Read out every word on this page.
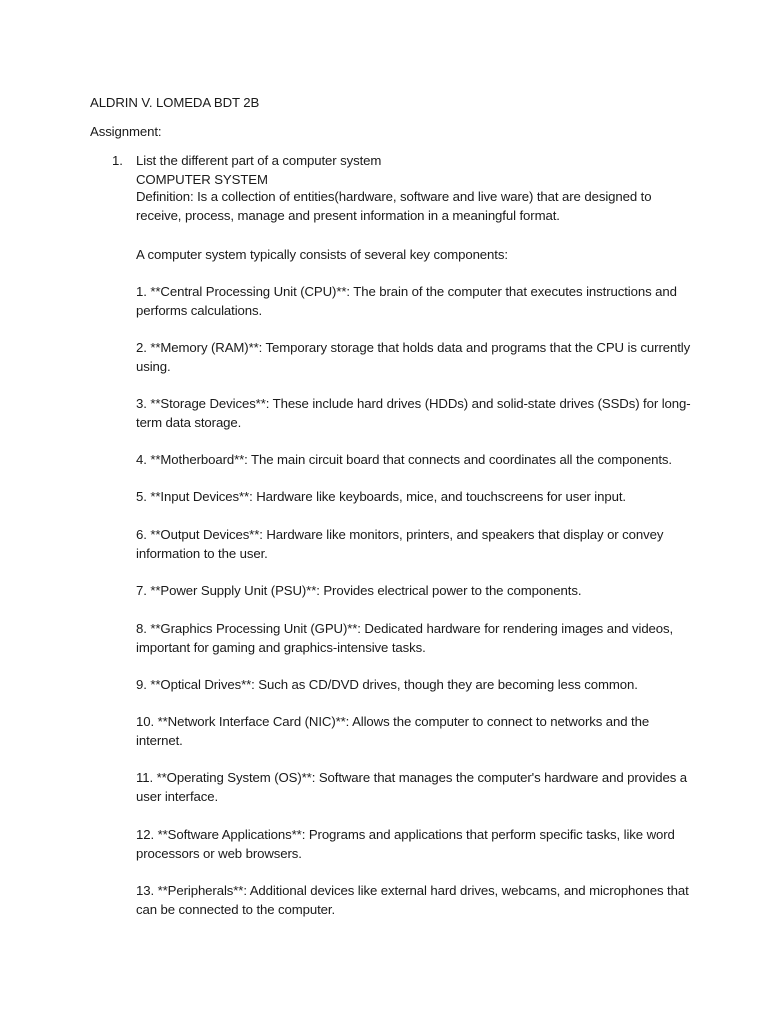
ALDRIN V. LOMEDA BDT 2B
Assignment:
1. List the different part of a computer system
COMPUTER SYSTEM
Definition: Is a collection of entities(hardware, software and live ware) that are designed to receive, process, manage and present information in a meaningful format.
A computer system typically consists of several key components:
1. **Central Processing Unit (CPU)**: The brain of the computer that executes instructions and performs calculations.
2. **Memory (RAM)**: Temporary storage that holds data and programs that the CPU is currently using.
3. **Storage Devices**: These include hard drives (HDDs) and solid-state drives (SSDs) for long-term data storage.
4. **Motherboard**: The main circuit board that connects and coordinates all the components.
5. **Input Devices**: Hardware like keyboards, mice, and touchscreens for user input.
6. **Output Devices**: Hardware like monitors, printers, and speakers that display or convey information to the user.
7. **Power Supply Unit (PSU)**: Provides electrical power to the components.
8. **Graphics Processing Unit (GPU)**: Dedicated hardware for rendering images and videos, important for gaming and graphics-intensive tasks.
9. **Optical Drives**: Such as CD/DVD drives, though they are becoming less common.
10. **Network Interface Card (NIC)**: Allows the computer to connect to networks and the internet.
11. **Operating System (OS)**: Software that manages the computer's hardware and provides a user interface.
12. **Software Applications**: Programs and applications that perform specific tasks, like word processors or web browsers.
13. **Peripherals**: Additional devices like external hard drives, webcams, and microphones that can be connected to the computer.
